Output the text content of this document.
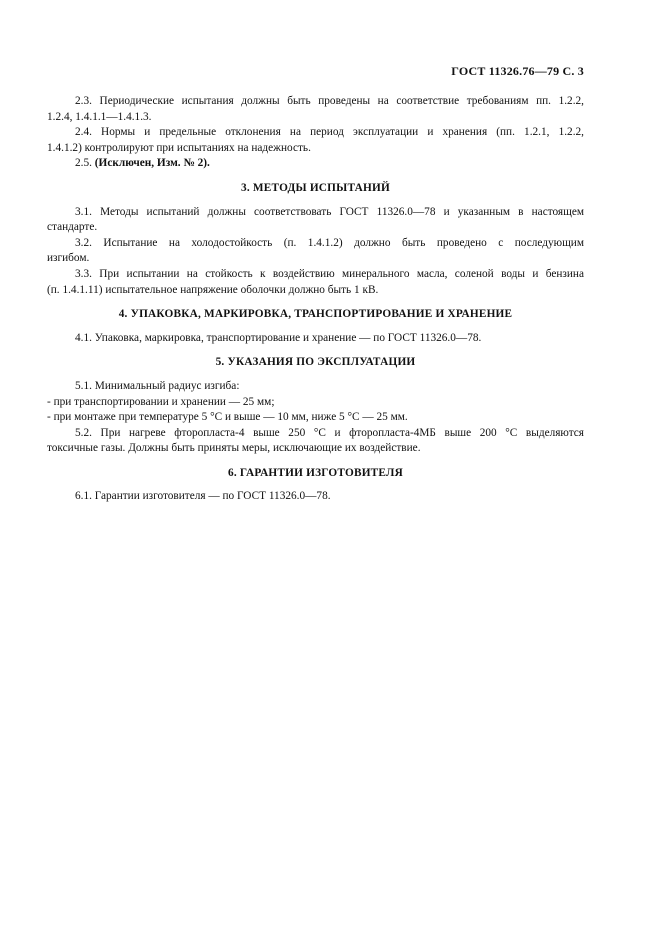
ГОСТ 11326.76—79 С. 3
2.3. Периодические испытания должны быть проведены на соответствие требованиям пп. 1.2.2,
1.2.4, 1.4.1.1—1.4.1.3.
2.4. Нормы и предельные отклонения на период эксплуатации и хранения (пп. 1.2.1, 1.2.2,
1.4.1.2) контролируют при испытаниях на надежность.
2.5. (Исключен, Изм. № 2).
3. МЕТОДЫ ИСПЫТАНИЙ
3.1. Методы испытаний должны соответствовать ГОСТ 11326.0—78 и указанным в настоящем
стандарте.
3.2. Испытание на холодостойкость (п. 1.4.1.2) должно быть проведено с последующим
изгибом.
3.3. При испытании на стойкость к воздействию минерального масла, соленой воды и бензина
(п. 1.4.1.11) испытательное напряжение оболочки должно быть 1 кВ.
4. УПАКОВКА, МАРКИРОВКА, ТРАНСПОРТИРОВАНИЕ И ХРАНЕНИЕ
4.1. Упаковка, маркировка, транспортирование и хранение — по ГОСТ 11326.0—78.
5. УКАЗАНИЯ ПО ЭКСПЛУАТАЦИИ
5.1. Минимальный радиус изгиба:
- при транспортировании и хранении — 25 мм;
- при монтаже при температуре 5 °С и выше — 10 мм, ниже 5 °С — 25 мм.
5.2. При нагреве фторопласта-4 выше 250 °С и фторопласта-4МБ выше 200 °С выделяются
токсичные газы. Должны быть приняты меры, исключающие их воздействие.
6. ГАРАНТИИ ИЗГОТОВИТЕЛЯ
6.1. Гарантии изготовителя — по ГОСТ 11326.0—78.
